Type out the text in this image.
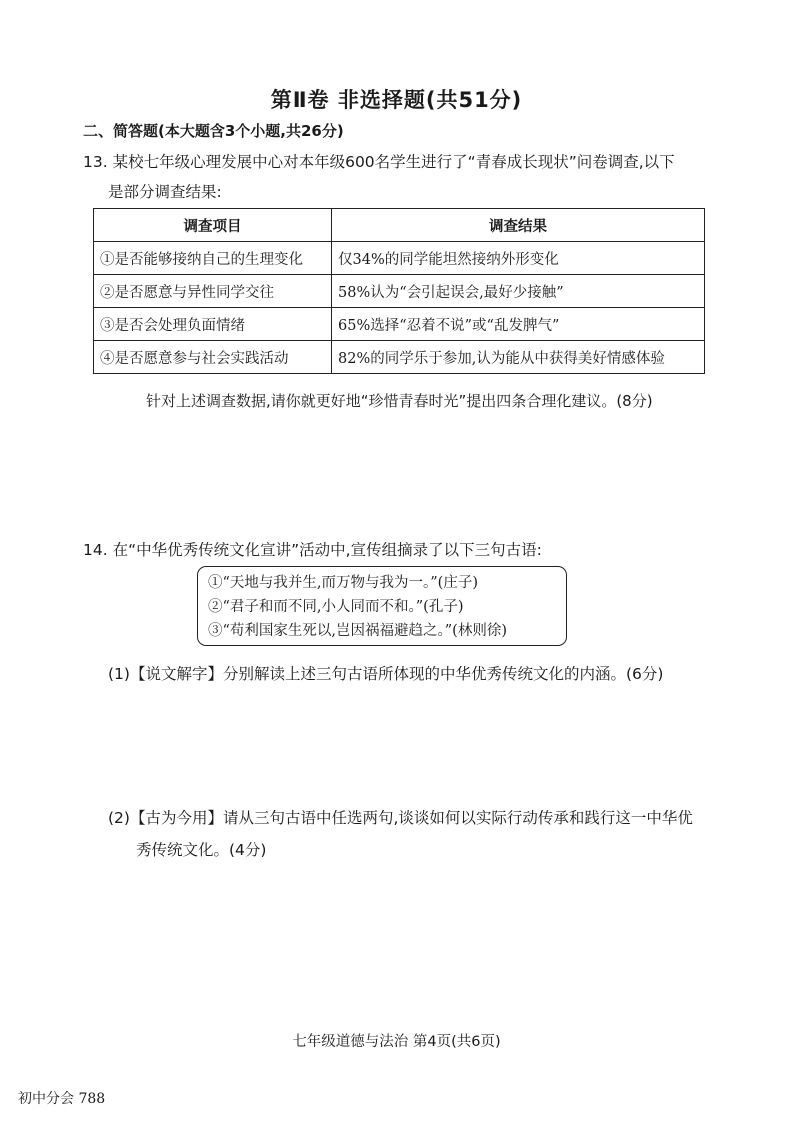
第Ⅱ卷 非选择题(共51分)
二、简答题(本大题含3个小题,共26分)
13. 某校七年级心理发展中心对本年级600名学生进行了“青春成长现状”问卷调查,以下
是部分调查结果:
调查项目	调查结果
①是否能够接纳自己的生理变化	仅34%的同学能坦然接纳外形变化
②是否愿意与异性同学交往	58%认为“会引起误会,最好少接触”
③是否会处理负面情绪	65%选择“忍着不说”或“乱发脾气”
④是否愿意参与社会实践活动	82%的同学乐于参加,认为能从中获得美好情感体验
针对上述调查数据,请你就更好地“珍惜青春时光”提出四条合理化建议。(8分)
14. 在“中华优秀传统文化宣讲”活动中,宣传组摘录了以下三句古语:
①“天地与我并生,而万物与我为一。”(庄子)
②“君子和而不同,小人同而不和。”(孔子)
③“苟利国家生死以,岂因祸福避趋之。”(林则徐)
(1)【说文解字】分别解读上述三句古语所体现的中华优秀传统文化的内涵。(6分)
(2)【古为今用】请从三句古语中任选两句,谈谈如何以实际行动传承和践行这一中华优
秀传统文化。(4分)
七年级道德与法治 第4页(共6页)
初中分会 788
